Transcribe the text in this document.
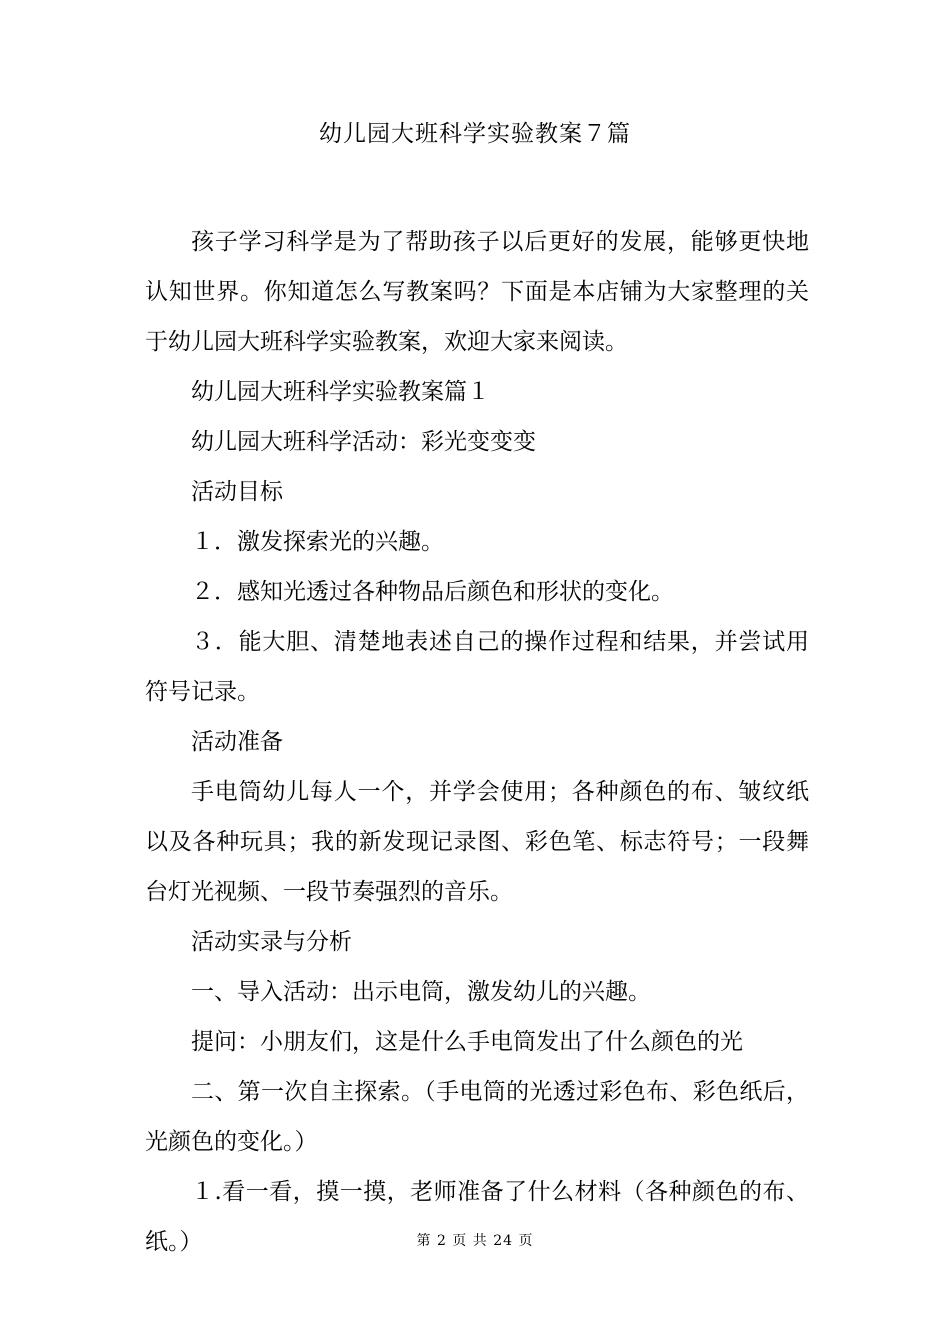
幼儿园大班科学实验教案７篇

孩子学习科学是为了帮助孩子以后更好的发展，能够更快地认知世界。你知道怎么写教案吗？下面是本店铺为大家整理的关于幼儿园大班科学实验教案，欢迎大家来阅读。

幼儿园大班科学实验教案篇１

幼儿园大班科学活动：彩光变变变

活动目标

１．激发探索光的兴趣。

２．感知光透过各种物品后颜色和形状的变化。

３．能大胆、清楚地表述自己的操作过程和结果，并尝试用符号记录。

活动准备

手电筒幼儿每人一个，并学会使用；各种颜色的布、皱纹纸以及各种玩具；我的新发现记录图、彩色笔、标志符号；一段舞台灯光视频、一段节奏强烈的音乐。

活动实录与分析

一、导入活动：出示电筒，激发幼儿的兴趣。

提问：小朋友们，这是什么手电筒发出了什么颜色的光

二、第一次自主探索。（手电筒的光透过彩色布、彩色纸后，光颜色的变化。）

１.看一看，摸一摸，老师准备了什么材料（各种颜色的布、纸。）	第 2 页 共 24 页
